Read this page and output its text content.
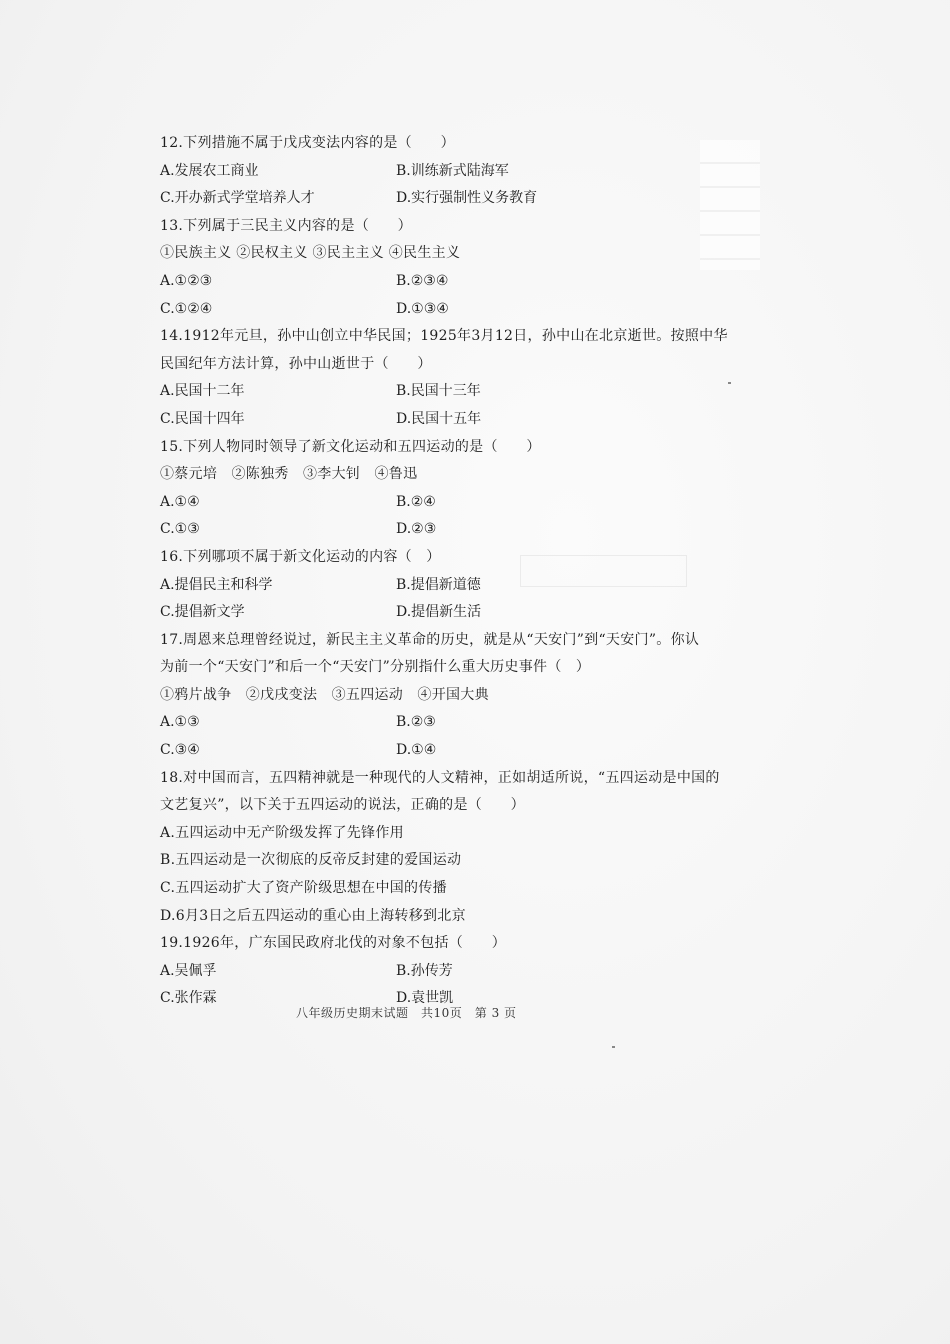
12.下列措施不属于戊戌变法内容的是（　　）
A.发展农工商业	B.训练新式陆海军
C.开办新式学堂培养人才	D.实行强制性义务教育
13.下列属于三民主义内容的是（　　）
①民族主义 ②民权主义 ③民主主义 ④民生主义
A.①②③	B.②③④
C.①②④	D.①③④
14.1912年元旦，孙中山创立中华民国；1925年3月12日，孙中山在北京逝世。按照中华
民国纪年方法计算，孙中山逝世于（　　）
A.民国十二年	B.民国十三年
C.民国十四年	D.民国十五年
15.下列人物同时领导了新文化运动和五四运动的是（　　）
①蔡元培　②陈独秀　③李大钊　④鲁迅
A.①④	B.②④
C.①③	D.②③
16.下列哪项不属于新文化运动的内容（　）
A.提倡民主和科学	B.提倡新道德
C.提倡新文学	D.提倡新生活
17.周恩来总理曾经说过，新民主主义革命的历史，就是从“天安门”到“天安门”。你认
为前一个“天安门”和后一个“天安门”分别指什么重大历史事件（　）
①鸦片战争　②戊戌变法　③五四运动　④开国大典
A.①③	B.②③
C.③④	D.①④
18.对中国而言，五四精神就是一种现代的人文精神，正如胡适所说，“五四运动是中国的
文艺复兴”，以下关于五四运动的说法，正确的是（　　）
A.五四运动中无产阶级发挥了先锋作用
B.五四运动是一次彻底的反帝反封建的爱国运动
C.五四运动扩大了资产阶级思想在中国的传播
D.6月3日之后五四运动的重心由上海转移到北京
19.1926年，广东国民政府北伐的对象不包括（　　）
A.吴佩孚	B.孙传芳
C.张作霖	D.袁世凯
八年级历史期末试题　共10页　第 3 页
